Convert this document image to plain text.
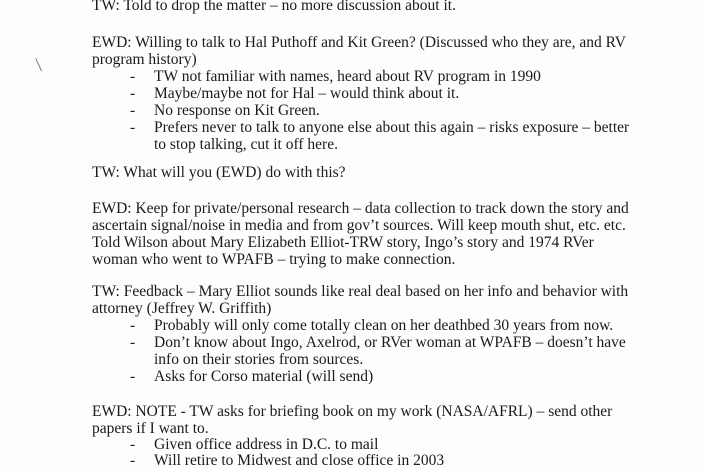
TW: Told to drop the matter – no more discussion about it.
EWD: Willing to talk to Hal Puthoff and Kit Green? (Discussed who they are, and RV
program history)
- TW not familiar with names, heard about RV program in 1990
- Maybe/maybe not for Hal – would think about it.
- No response on Kit Green.
- Prefers never to talk to anyone else about this again – risks exposure – better
to stop talking, cut it off here.
TW: What will you (EWD) do with this?
EWD: Keep for private/personal research – data collection to track down the story and
ascertain signal/noise in media and from gov’t sources. Will keep mouth shut, etc. etc.
Told Wilson about Mary Elizabeth Elliot-TRW story, Ingo’s story and 1974 RVer
woman who went to WPAFB – trying to make connection.
TW: Feedback – Mary Elliot sounds like real deal based on her info and behavior with
attorney (Jeffrey W. Griffith)
- Probably will only come totally clean on her deathbed 30 years from now.
- Don’t know about Ingo, Axelrod, or RVer woman at WPAFB – doesn’t have
info on their stories from sources.
- Asks for Corso material (will send)
EWD: NOTE - TW asks for briefing book on my work (NASA/AFRL) – send other
papers if I want to.
- Given office address in D.C. to mail
- Will retire to Midwest and close office in 2003
